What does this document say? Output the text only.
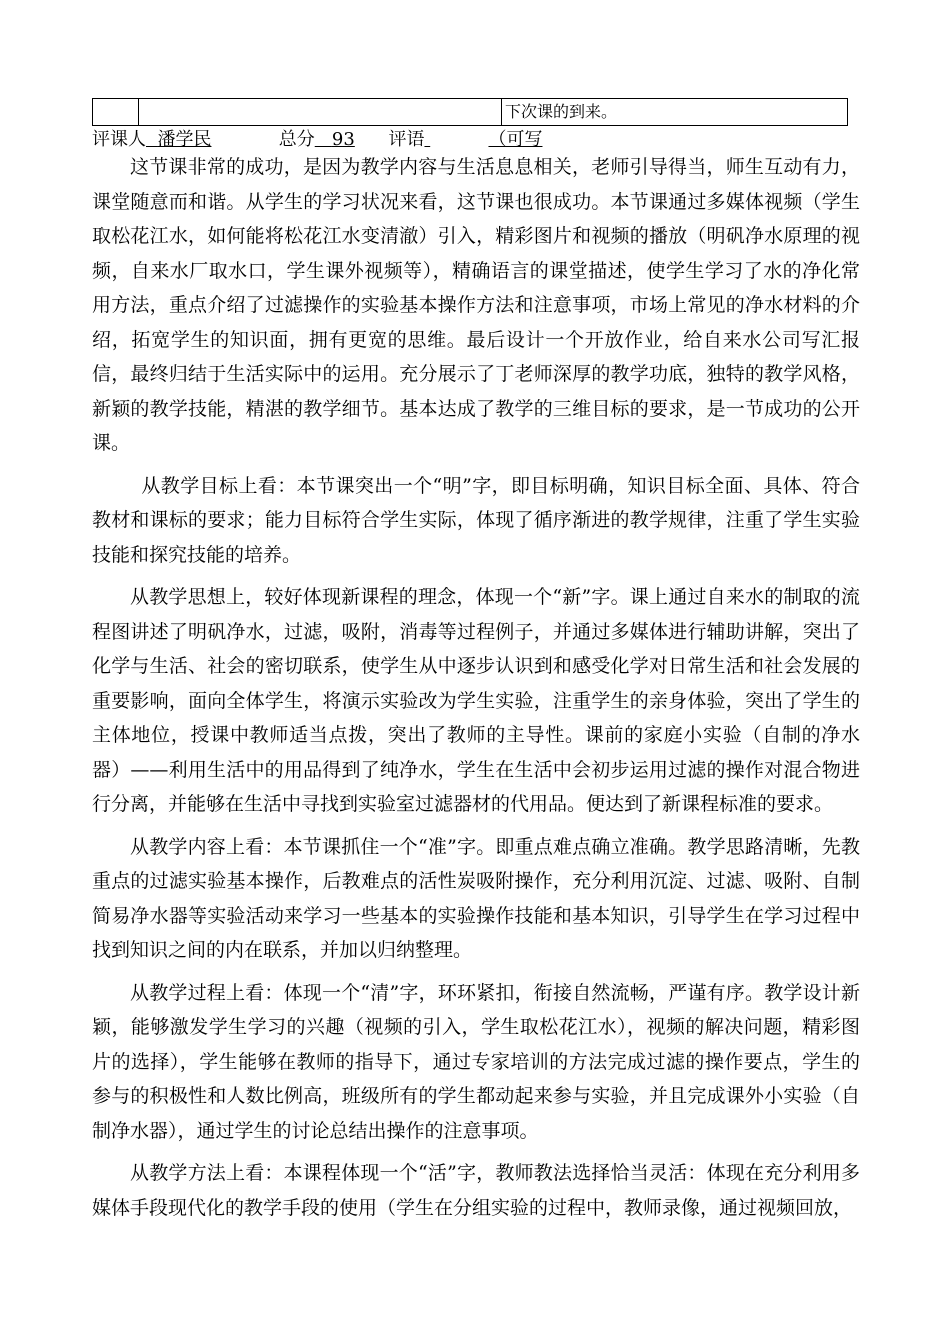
下次课的到来。
评课人 潘学民	总分 93 评语	（可写

这节课非常的成功，是因为教学内容与生活息息相关，老师引导得当，师生互动有力，课堂随意而和谐。从学生的学习状况来看，这节课也很成功。本节课通过多媒体视频（学生取松花江水，如何能将松花江水变清澈）引入，精彩图片和视频的播放（明矾净水原理的视频，自来水厂取水口，学生课外视频等），精确语言的课堂描述，使学生学习了水的净化常用方法，重点介绍了过滤操作的实验基本操作方法和注意事项，市场上常见的净水材料的介绍，拓宽学生的知识面，拥有更宽的思维。最后设计一个开放作业，给自来水公司写汇报信，最终归结于生活实际中的运用。充分展示了丁老师深厚的教学功底，独特的教学风格，新颖的教学技能，精湛的教学细节。基本达成了教学的三维目标的要求，是一节成功的公开课。

从教学目标上看：本节课突出一个“明”字，即目标明确，知识目标全面、具体、符合教材和课标的要求；能力目标符合学生实际，体现了循序渐进的教学规律，注重了学生实验技能和探究技能的培养。

从教学思想上，较好体现新课程的理念，体现一个“新”字。课上通过自来水的制取的流程图讲述了明矾净水，过滤，吸附，消毒等过程例子，并通过多媒体进行辅助讲解，突出了化学与生活、社会的密切联系，使学生从中逐步认识到和感受化学对日常生活和社会发展的重要影响，面向全体学生，将演示实验改为学生实验，注重学生的亲身体验，突出了学生的主体地位，授课中教师适当点拨，突出了教师的主导性。课前的家庭小实验（自制的净水器）——利用生活中的用品得到了纯净水，学生在生活中会初步运用过滤的操作对混合物进行分离，并能够在生活中寻找到实验室过滤器材的代用品。便达到了新课程标准的要求。

从教学内容上看：本节课抓住一个“准”字。即重点难点确立准确。教学思路清晰，先教重点的过滤实验基本操作，后教难点的活性炭吸附操作，充分利用沉淀、过滤、吸附、自制简易净水器等实验活动来学习一些基本的实验操作技能和基本知识，引导学生在学习过程中找到知识之间的内在联系，并加以归纳整理。

从教学过程上看：体现一个“清”字，环环紧扣，衔接自然流畅，严谨有序。教学设计新颖，能够激发学生学习的兴趣（视频的引入，学生取松花江水），视频的解决问题，精彩图片的选择），学生能够在教师的指导下，通过专家培训的方法完成过滤的操作要点，学生的参与的积极性和人数比例高，班级所有的学生都动起来参与实验，并且完成课外小实验（自制净水器），通过学生的讨论总结出操作的注意事项。

从教学方法上看：本课程体现一个“活”字，教师教法选择恰当灵活：体现在充分利用多媒体手段现代化的教学手段的使用（学生在分组实验的过程中，教师录像，通过视频回放，
